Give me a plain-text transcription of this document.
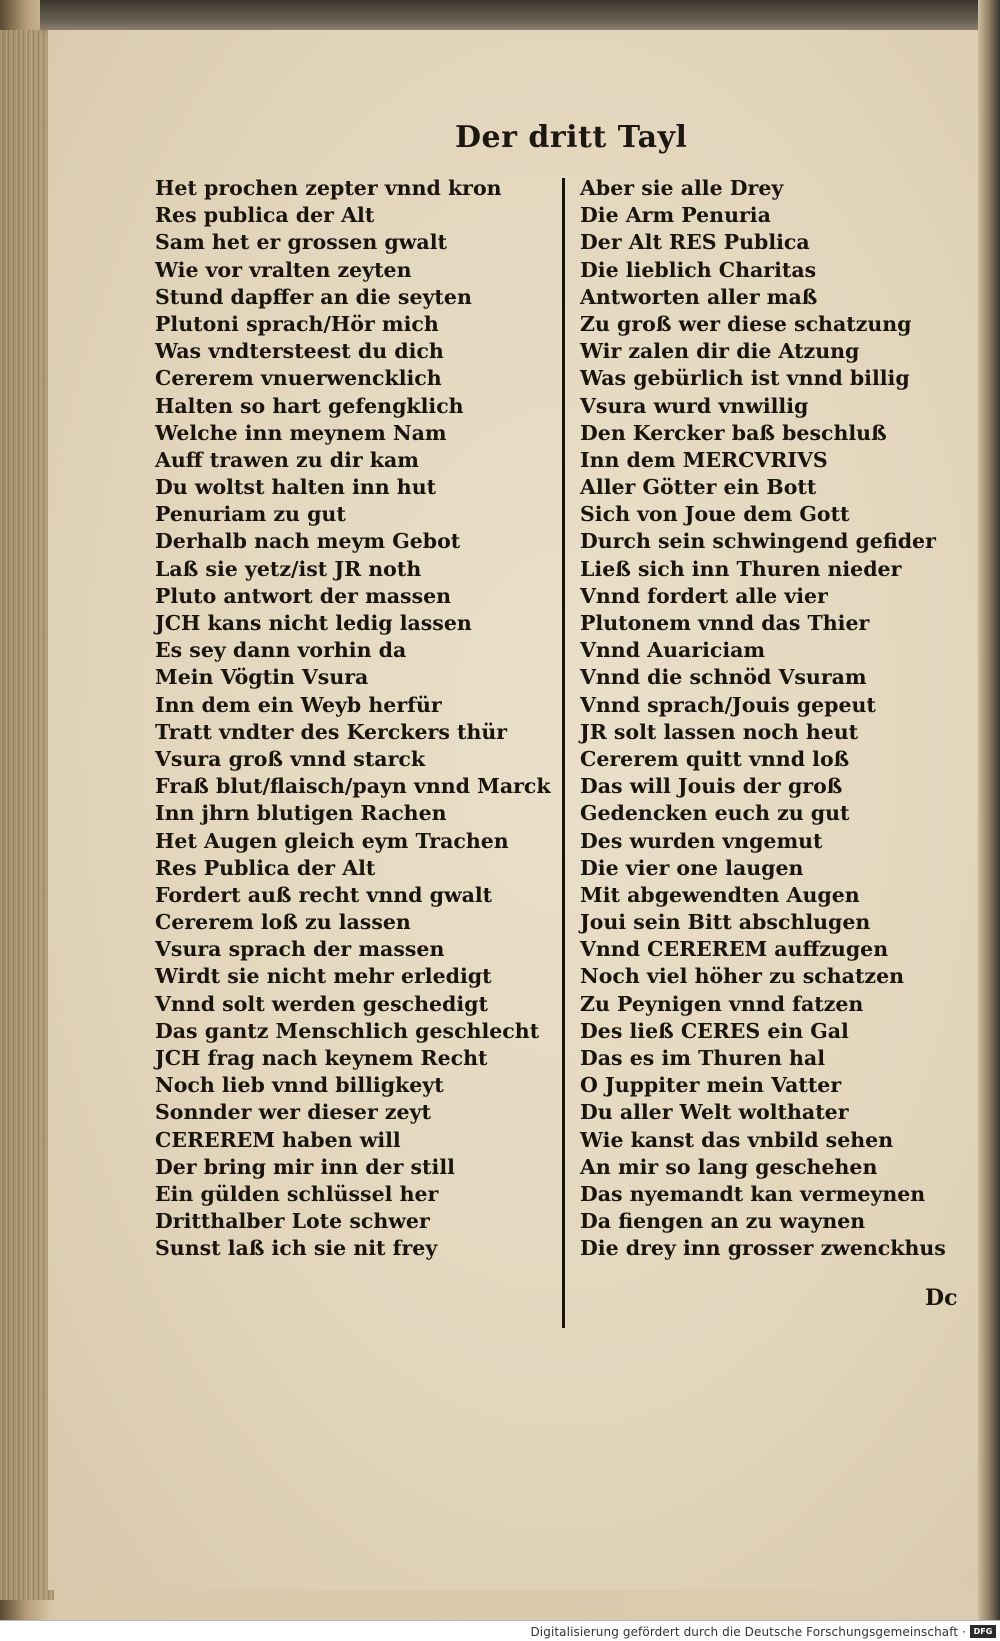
Der dritt Tayl
Het prochen zepter vnnd kron
Res publica der Alt
Sam het er grossen gwalt
Wie vor vralten zeyten
Stund dapffer an die seyten
Plutoni sprach/Hör mich
Was vndtersteest du dich
Cererem vnuerwencklich
Halten so hart gefengklich
Welche inn meynem Nam
Auff trawen zu dir kam
Du woltst halten inn hut
Penuriam zu gut
Derhalb nach meym Gebot
Laß sie yetz/ist JR noth
Pluto antwort der massen
JCH kans nicht ledig lassen
Es sey dann vorhin da
Mein Vögtin Vsura
Inn dem ein Weyb herfür
Tratt vndter des Kerckers thür
Vsura groß vnnd starck
Fraß blut/flaisch/payn vnnd Marck
Inn jhrn blutigen Rachen
Het Augen gleich eym Trachen
Res Publica der Alt
Fordert auß recht vnnd gwalt
Cererem loß zu lassen
Vsura sprach der massen
Wirdt sie nicht mehr erledigt
Vnnd solt werden geschedigt
Das gantz Menschlich geschlecht
JCH frag nach keynem Recht
Noch lieb vnnd billigkeyt
Sonnder wer dieser zeyt
CEREREM haben will
Der bring mir inn der still
Ein gülden schlüssel her
Dritthalber Lote schwer
Sunst laß ich sie nit frey
Aber sie alle Drey
Die Arm Penuria
Der Alt RES Publica
Die lieblich Charitas
Antworten aller maß
Zu groß wer diese schatzung
Wir zalen dir die Atzung
Was gebürlich ist vnnd billig
Vsura wurd vnwillig
Den Kercker baß beschluß
Inn dem MERCVRIVS
Aller Götter ein Bott
Sich von Joue dem Gott
Durch sein schwingend gefider
Ließ sich inn Thuren nieder
Vnnd fordert alle vier
Plutonem vnnd das Thier
Vnnd Auariciam
Vnnd die schnöd Vsuram
Vnnd sprach/Jouis gepeut
JR solt lassen noch heut
Cererem quitt vnnd loß
Das will Jouis der groß
Gedencken euch zu gut
Des wurden vngemut
Die vier one laugen
Mit abgewendten Augen
Joui sein Bitt abschlugen
Vnnd CEREREM auffzugen
Noch viel höher zu schatzen
Zu Peynigen vnnd fatzen
Des ließ CERES ein Gal
Das es im Thuren hal
O Juppiter mein Vatter
Du aller Welt wolthater
Wie kanst das vnbild sehen
An mir so lang geschehen
Das nyemandt kan vermeynen
Da fiengen an zu waynen
Die drey inn grosser zwenckhus
Dc
Digitalisierung gefördert durch die Deutsche Forschungsgemeinschaft · DFG
